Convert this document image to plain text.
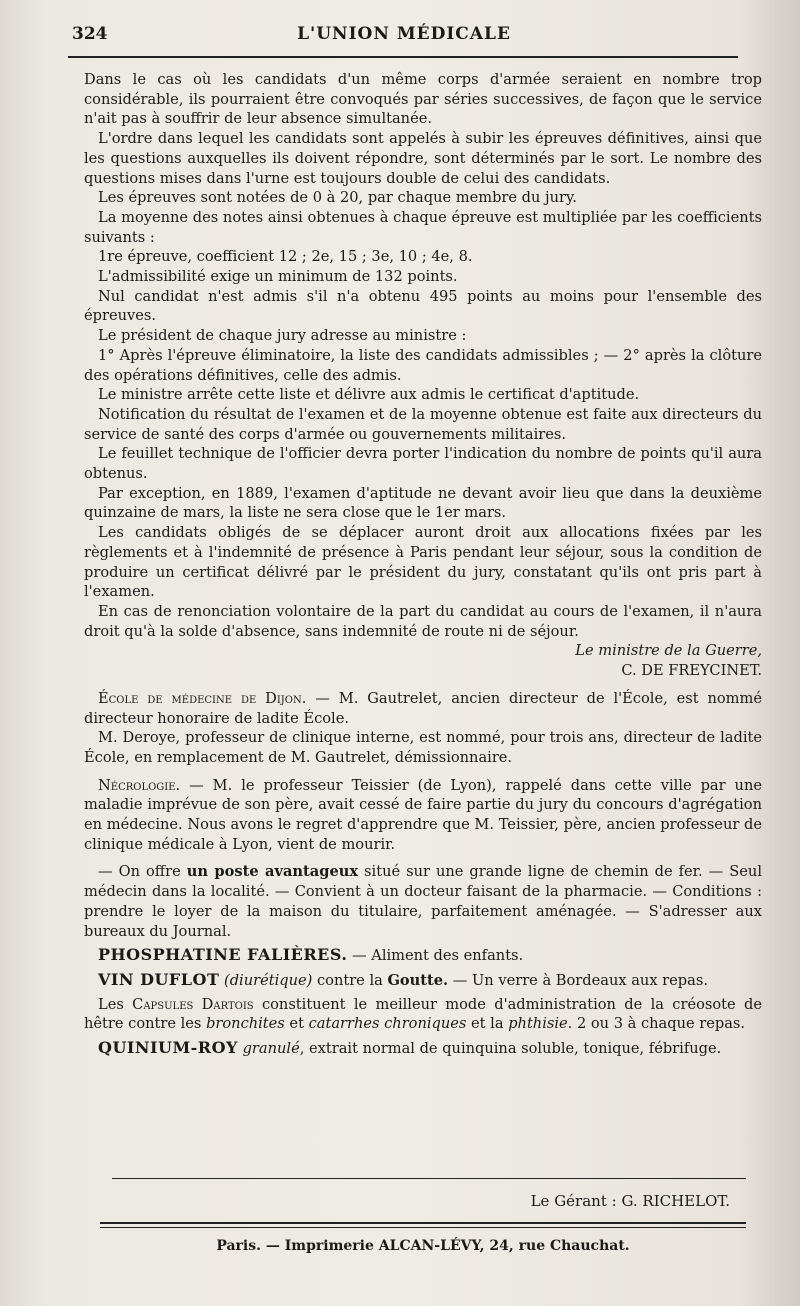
324	L'UNION MÉDICALE

Dans le cas où les candidats d'un même corps d'armée seraient en nombre trop considérable, ils pourraient être convoqués par séries successives, de façon que le service n'ait pas à souffrir de leur absence simultanée.

L'ordre dans lequel les candidats sont appelés à subir les épreuves définitives, ainsi que les questions auxquelles ils doivent répondre, sont déterminés par le sort. Le nombre des questions mises dans l'urne est toujours double de celui des candidats.

Les épreuves sont notées de 0 à 20, par chaque membre du jury.

La moyenne des notes ainsi obtenues à chaque épreuve est multipliée par les coefficients suivants :

1re épreuve, coefficient 12 ; 2e, 15 ; 3e, 10 ; 4e, 8.

L'admissibilité exige un minimum de 132 points.

Nul candidat n'est admis s'il n'a obtenu 495 points au moins pour l'ensemble des épreuves.

Le président de chaque jury adresse au ministre :

1° Après l'épreuve éliminatoire, la liste des candidats admissibles ; — 2° après la clôture des opérations définitives, celle des admis.

Le ministre arrête cette liste et délivre aux admis le certificat d'aptitude.

Notification du résultat de l'examen et de la moyenne obtenue est faite aux directeurs du service de santé des corps d'armée ou gouvernements militaires.

Le feuillet technique de l'officier devra porter l'indication du nombre de points qu'il aura obtenus.

Par exception, en 1889, l'examen d'aptitude ne devant avoir lieu que dans la deuxième quinzaine de mars, la liste ne sera close que le 1er mars.

Les candidats obligés de se déplacer auront droit aux allocations fixées par les règlements et à l'indemnité de présence à Paris pendant leur séjour, sous la condition de produire un certificat délivré par le président du jury, constatant qu'ils ont pris part à l'examen.

En cas de renonciation volontaire de la part du candidat au cours de l'examen, il n'aura droit qu'à la solde d'absence, sans indemnité de route ni de séjour.

Le ministre de la Guerre,

C. DE FREYCINET.

École de médecine de Dijon. — M. Gautrelet, ancien directeur de l'École, est nommé directeur honoraire de ladite École.

M. Deroye, professeur de clinique interne, est nommé, pour trois ans, directeur de ladite École, en remplacement de M. Gautrelet, démissionnaire.

Nécrologie. — M. le professeur Teissier (de Lyon), rappelé dans cette ville par une maladie imprévue de son père, avait cessé de faire partie du jury du concours d'agrégation en médecine. Nous avons le regret d'apprendre que M. Teissier, père, ancien professeur de clinique médicale à Lyon, vient de mourir.

— On offre un poste avantageux situé sur une grande ligne de chemin de fer. — Seul médecin dans la localité. — Convient à un docteur faisant de la pharmacie. — Conditions : prendre le loyer de la maison du titulaire, parfaitement aménagée. — S'adresser aux bureaux du Journal.

PHOSPHATINE FALIÈRES. — Aliment des enfants.

VIN DUFLOT (diurétique) contre la Goutte. — Un verre à Bordeaux aux repas.

Les Capsules Dartois constituent le meilleur mode d'administration de la créosote de hêtre contre les bronchites et catarrhes chroniques et la phthisie. 2 ou 3 à chaque repas.

QUINIUM-ROY granulé, extrait normal de quinquina soluble, tonique, fébrifuge.

Le Gérant : G. RICHELOT.
Paris. — Imprimerie ALCAN-LÉVY, 24, rue Chauchat.
